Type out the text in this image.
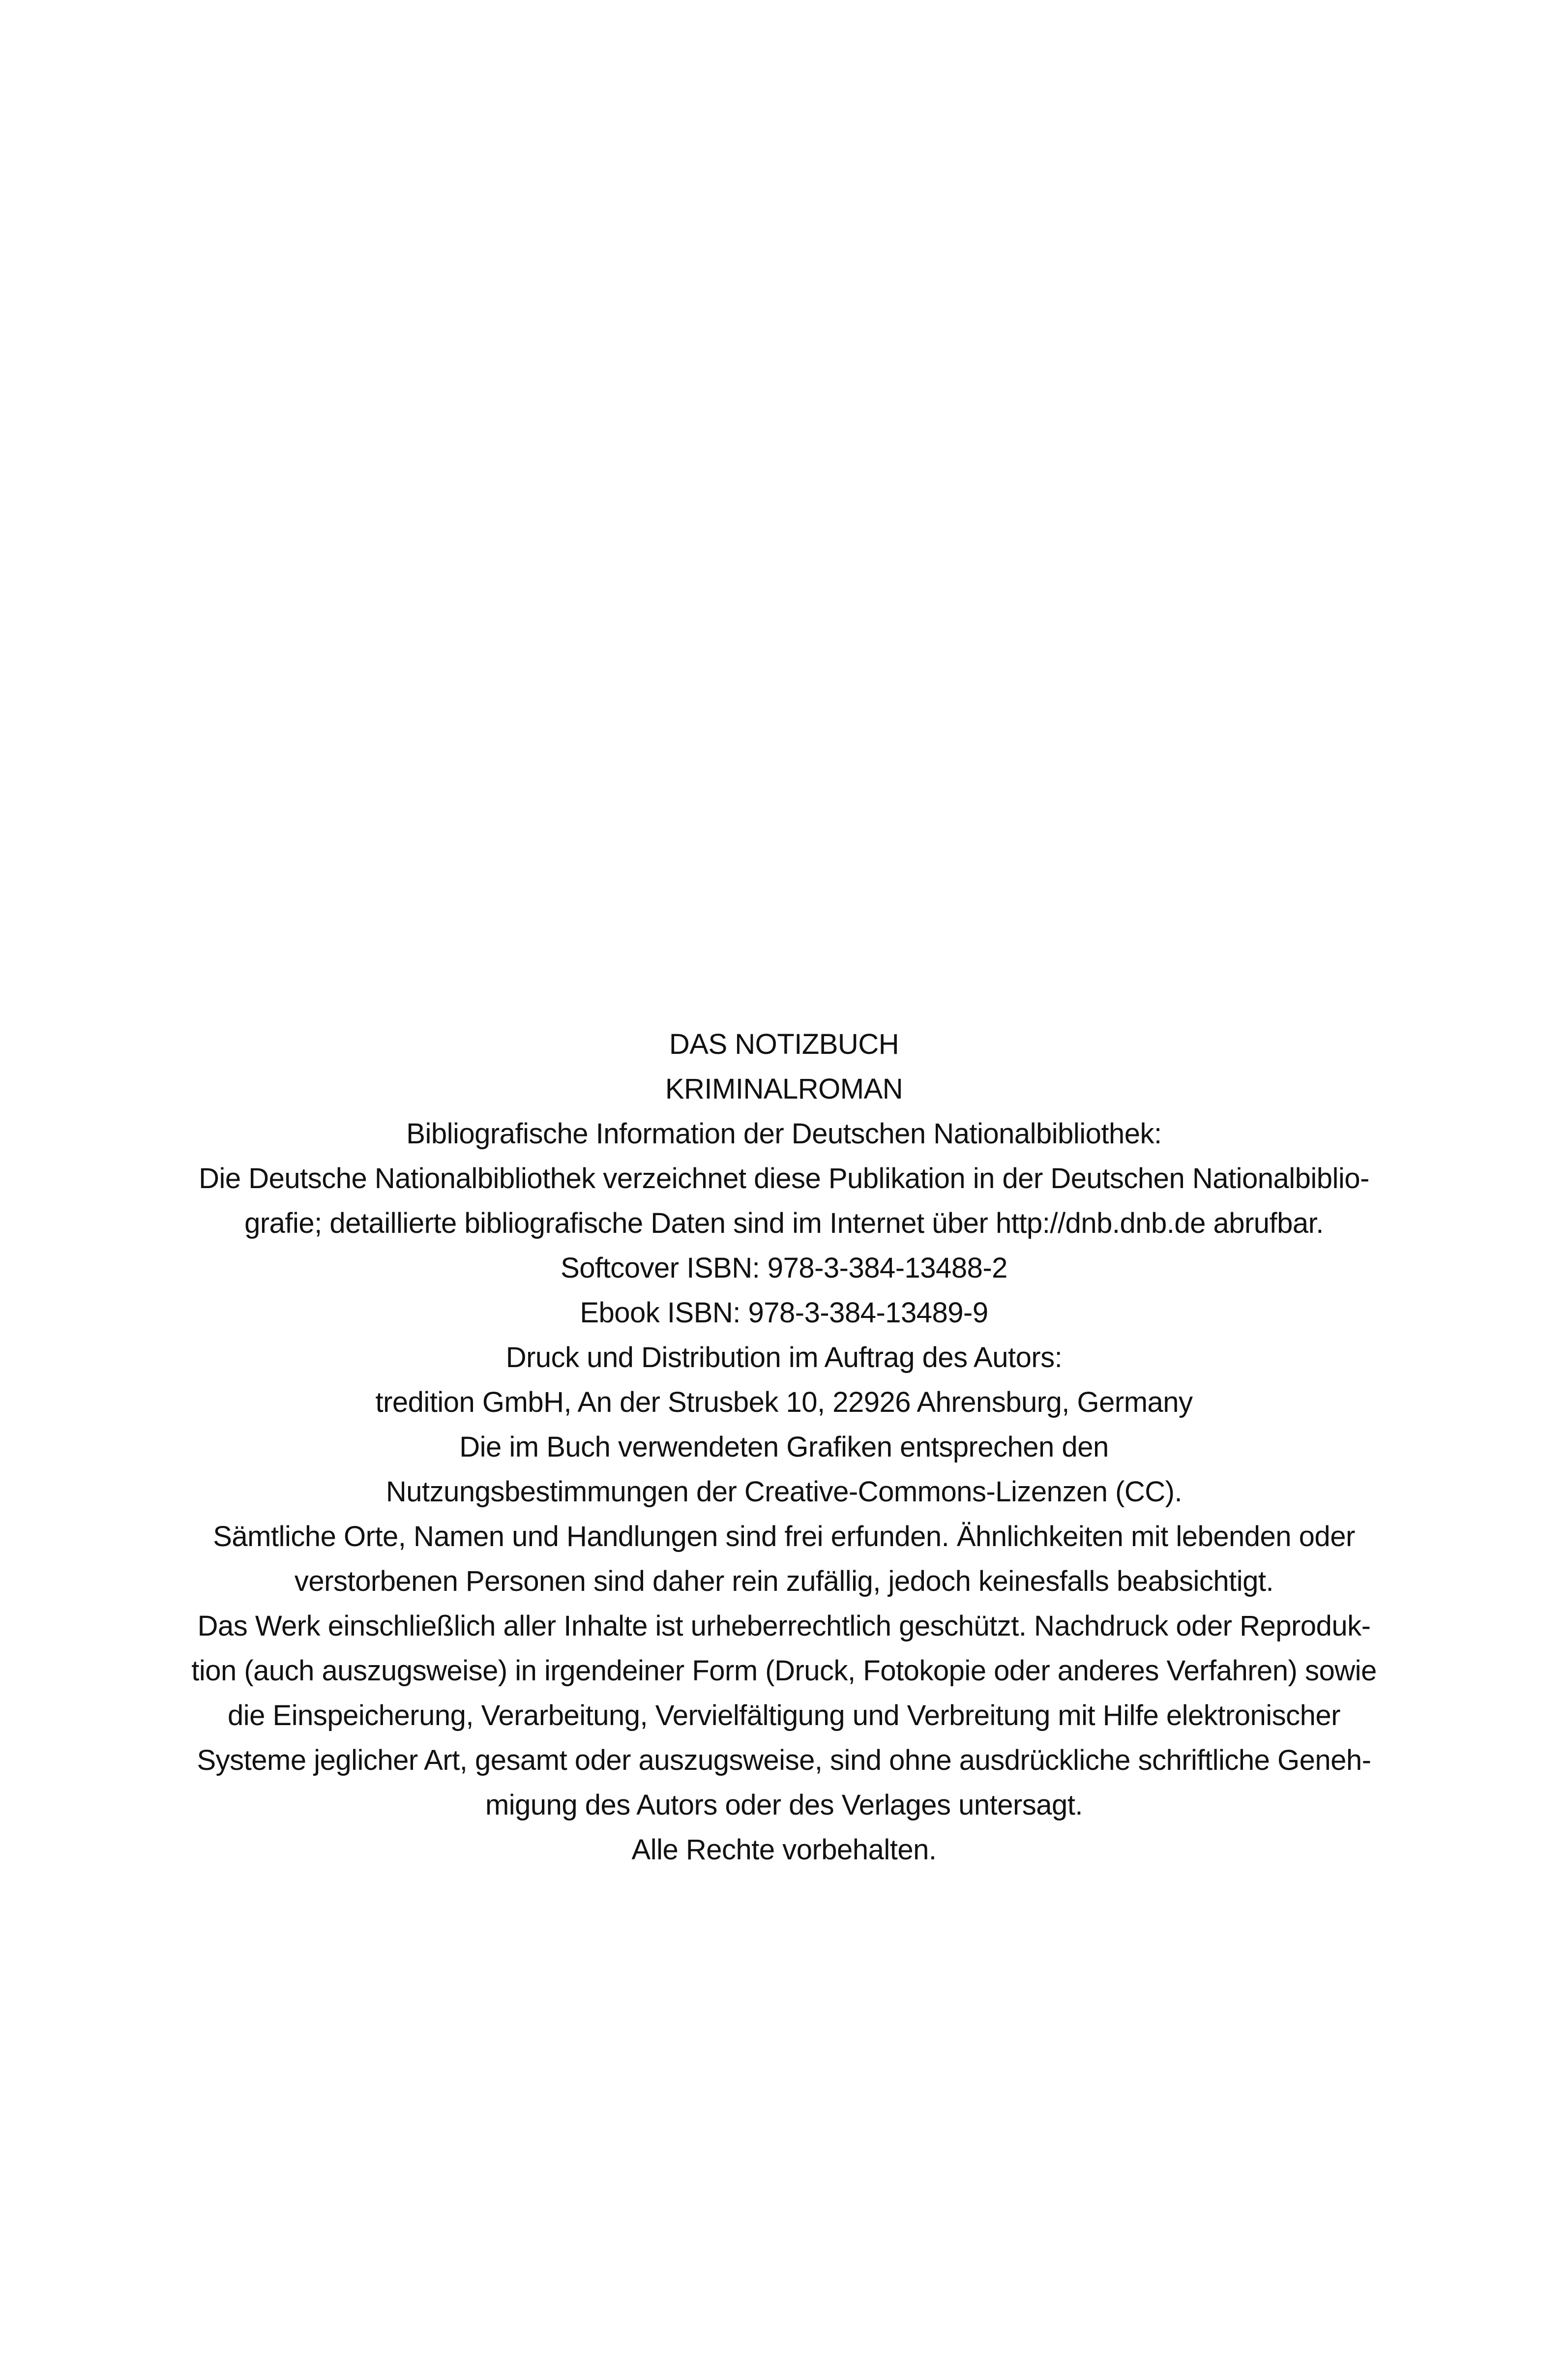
DAS NOTIZBUCH
KRIMINALROMAN
Bibliografische Information der Deutschen Nationalbibliothek:
Die Deutsche Nationalbibliothek verzeichnet diese Publikation in der Deutschen Nationalbiblio-
grafie; detaillierte bibliografische Daten sind im Internet über http://dnb.dnb.de abrufbar.
Softcover ISBN: 978-3-384-13488-2
Ebook ISBN: 978-3-384-13489-9
Druck und Distribution im Auftrag des Autors:
tredition GmbH, An der Strusbek 10, 22926 Ahrensburg, Germany
Die im Buch verwendeten Grafiken entsprechen den
Nutzungsbestimmungen der Creative-Commons-Lizenzen (CC).
Sämtliche Orte, Namen und Handlungen sind frei erfunden. Ähnlichkeiten mit lebenden oder
verstorbenen Personen sind daher rein zufällig, jedoch keinesfalls beabsichtigt.
Das Werk einschließlich aller Inhalte ist urheberrechtlich geschützt. Nachdruck oder Reproduk-
tion (auch auszugsweise) in irgendeiner Form (Druck, Fotokopie oder anderes Verfahren) sowie
die Einspeicherung, Verarbeitung, Vervielfältigung und Verbreitung mit Hilfe elektronischer
Systeme jeglicher Art, gesamt oder auszugsweise, sind ohne ausdrückliche schriftliche Geneh-
migung des Autors oder des Verlages untersagt.
Alle Rechte vorbehalten.
